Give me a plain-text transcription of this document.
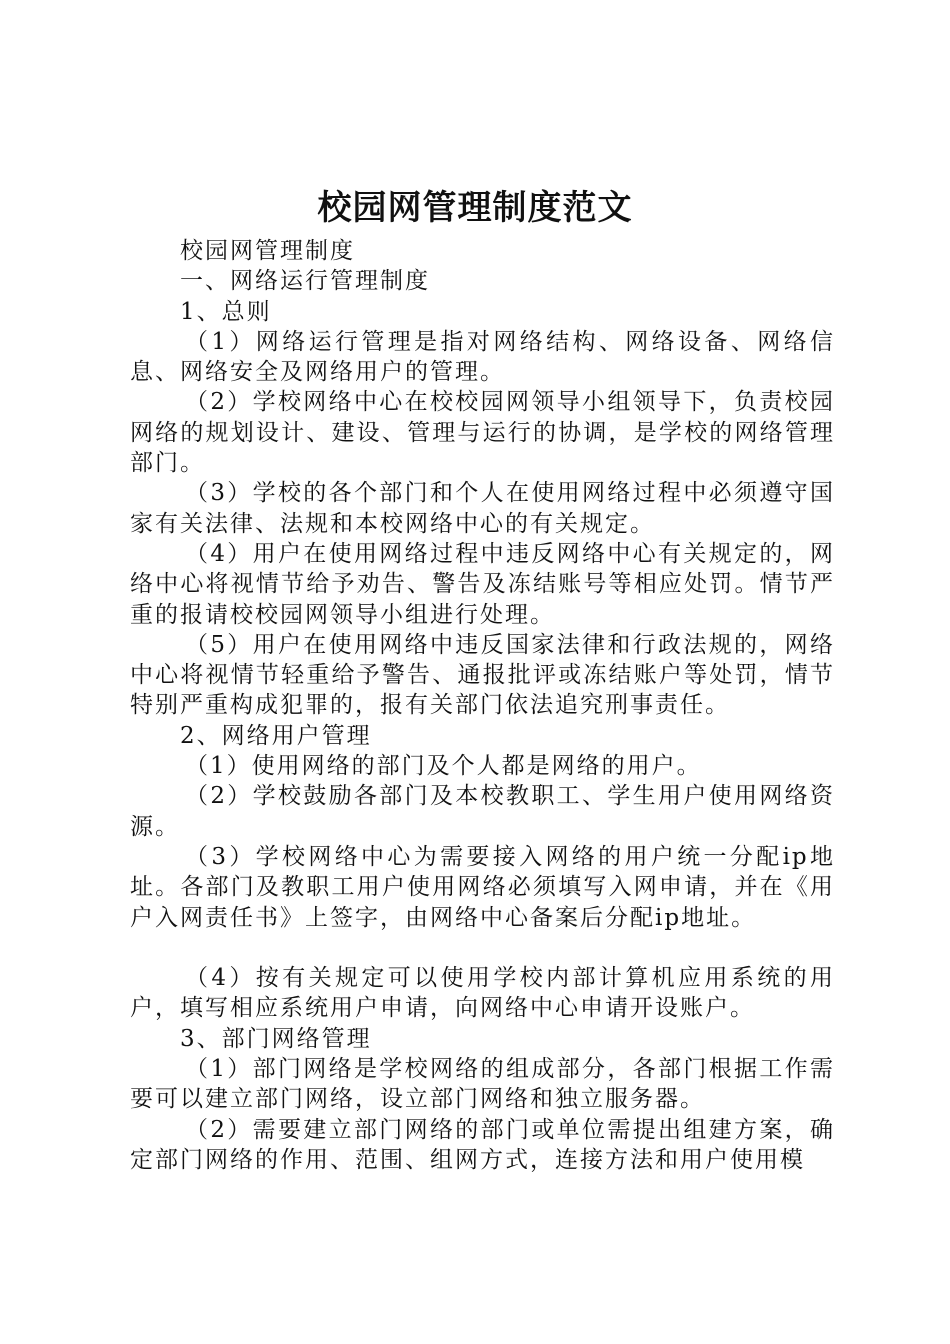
校园网管理制度范文

校园网管理制度

一、网络运行管理制度

1、总则

（1）网络运行管理是指对网络结构、网络设备、网络信息、网络安全及网络用户的管理。

（2）学校网络中心在校校园网领导小组领导下，负责校园网络的规划设计、建设、管理与运行的协调，是学校的网络管理部门。

（3）学校的各个部门和个人在使用网络过程中必须遵守国家有关法律、法规和本校网络中心的有关规定。

（4）用户在使用网络过程中违反网络中心有关规定的，网络中心将视情节给予劝告、警告及冻结账号等相应处罚。情节严重的报请校校园网领导小组进行处理。

（5）用户在使用网络中违反国家法律和行政法规的，网络中心将视情节轻重给予警告、通报批评或冻结账户等处罚，情节特别严重构成犯罪的，报有关部门依法追究刑事责任。

2、网络用户管理

（1）使用网络的部门及个人都是网络的用户。

（2）学校鼓励各部门及本校教职工、学生用户使用网络资源。

（3）学校网络中心为需要接入网络的用户统一分配ip地址。各部门及教职工用户使用网络必须填写入网申请，并在《用户入网责任书》上签字，由网络中心备案后分配ip地址。

（4）按有关规定可以使用学校内部计算机应用系统的用户，填写相应系统用户申请，向网络中心申请开设账户。

3、部门网络管理

（1）部门网络是学校网络的组成部分，各部门根据工作需要可以建立部门网络，设立部门网络和独立服务器。

（2）需要建立部门网络的部门或单位需提出组建方案，确定部门网络的作用、范围、组网方式，连接方法和用户使用模
